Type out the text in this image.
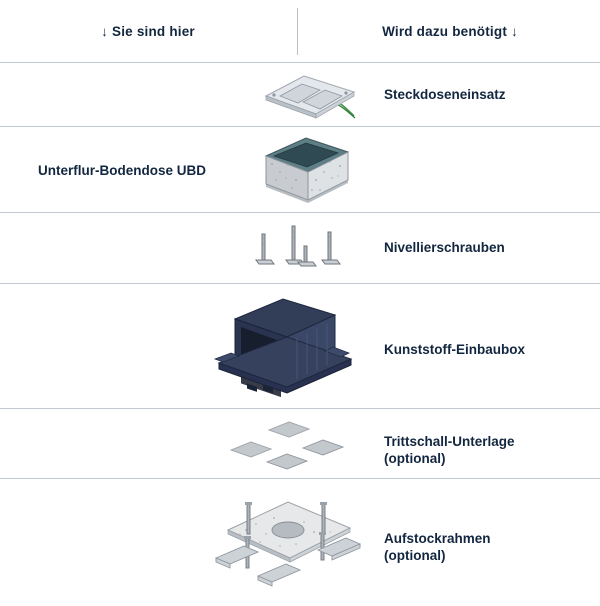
↓ Sie sind hier	Wird dazu benötigt ↓
Steckdoseneinsatz
Unterflur-Bodendose UBD
Nivellierschrauben
Kunststoff-Einbaubox
Trittschall-Unterlage
(optional)
Aufstockrahmen
(optional)
